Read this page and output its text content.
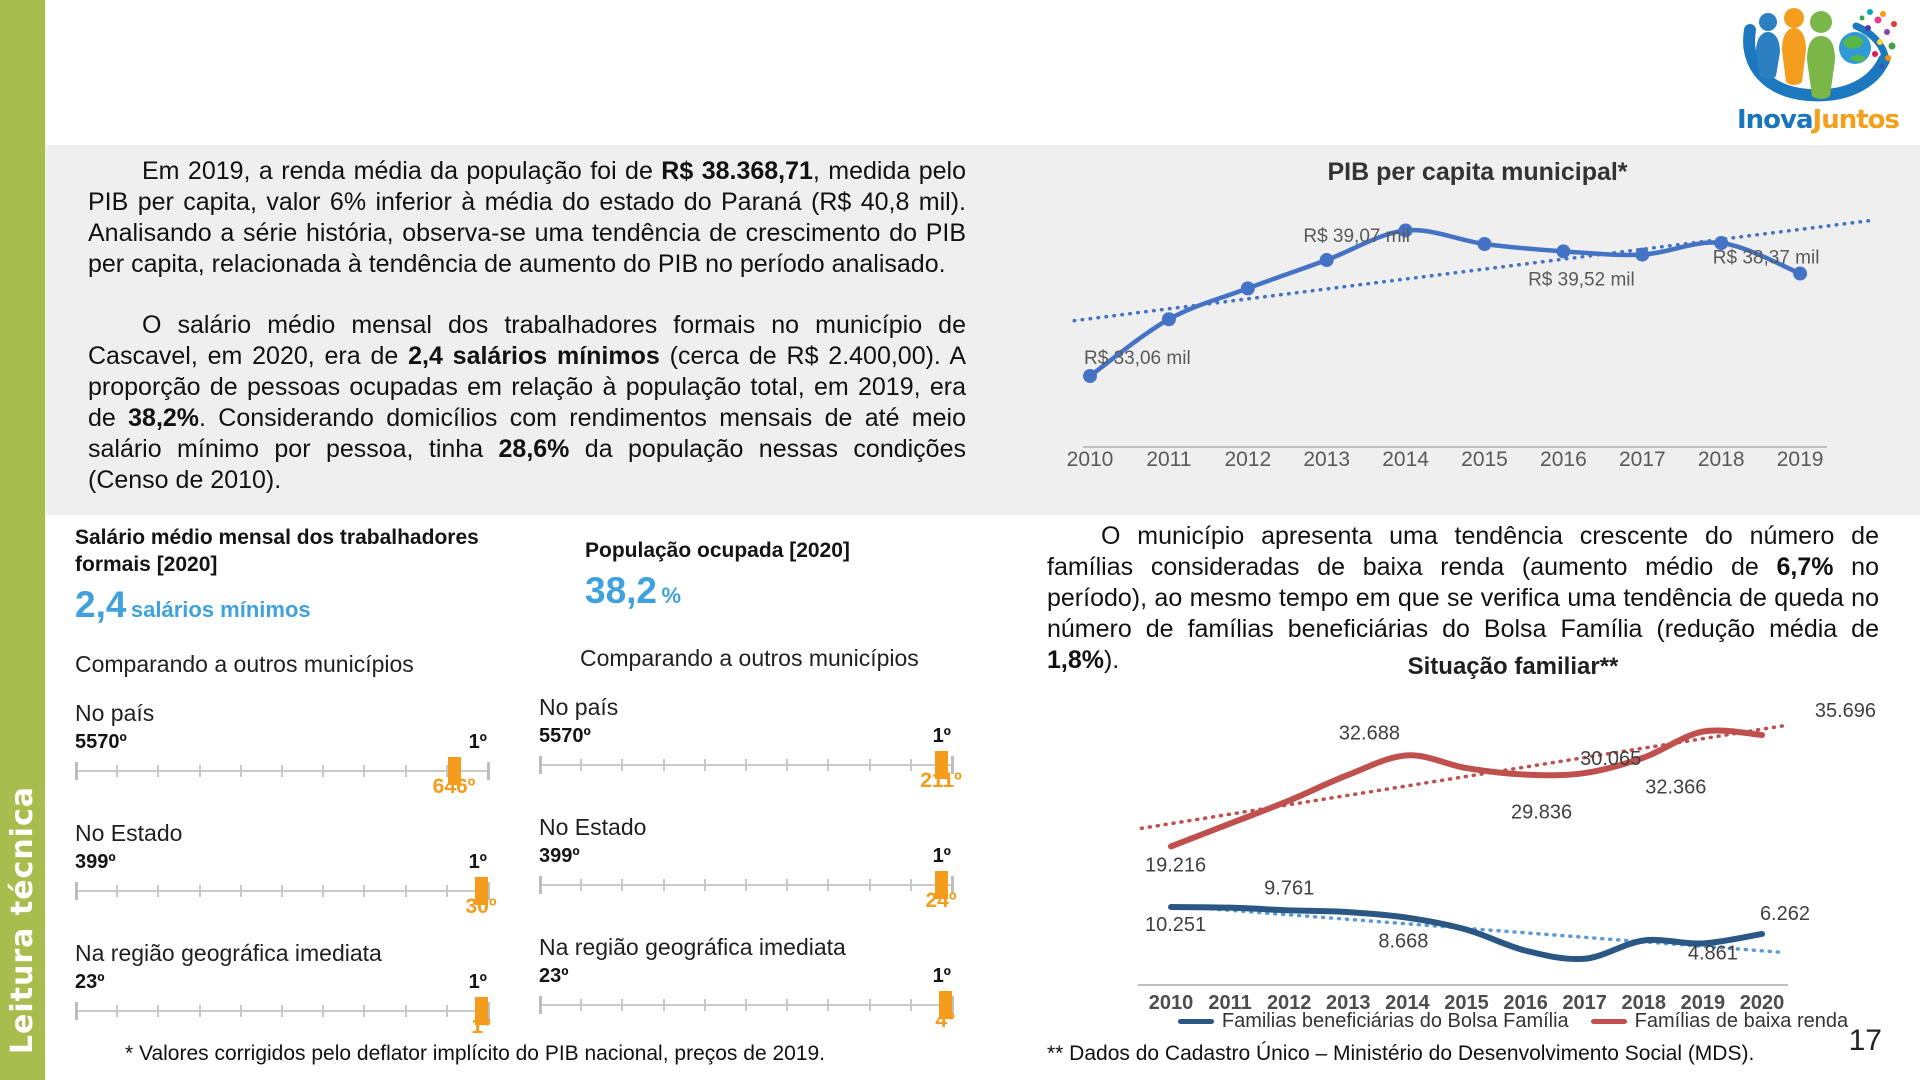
Leitura técnica
InovaJuntos

Em 2019, a renda média da população foi de R$ 38.368,71, medida pelo PIB per capita, valor 6% inferior à média do estado do Paraná (R$ 40,8 mil). Analisando a série história, observa-se uma tendência de crescimento do PIB per capita, relacionada à tendência de aumento do PIB no período analisado.

O salário médio mensal dos trabalhadores formais no município de Cascavel, em 2020, era de 2,4 salários mínimos (cerca de R$ 2.400,00). A proporção de pessoas ocupadas em relação à população total, em 2019, era de 38,2%. Considerando domicílios com rendimentos mensais de até meio salário mínimo por pessoa, tinha 28,6% da população nessas condições (Censo de 2010).

PIB per capita municipal*
2010 2011 2012 2013 2014 2015 2016 2017 2018 2019
R$ 33,06 mil
R$ 39,07 mil
R$ 39,52 mil
R$ 38,37 mil
Salário médio mensal dos trabalhadores formais [2020]
2,4 salários mínimos
Comparando a outros municípios
No país
5570º	1º
646º
No Estado
399º	1º
30º
Na região geográfica imediata
23º	1º
1º
População ocupada [2020]
38,2 %
Comparando a outros municípios
No país
5570º	1º
211º
No Estado
399º	1º
24º
Na região geográfica imediata
23º	1º
4º

O município apresenta uma tendência crescente do número de famílias consideradas de baixa renda (aumento médio de 6,7% no período), ao mesmo tempo em que se verifica uma tendência de queda no número de famílias beneficiárias do Bolsa Família (redução média de 1,8%).	Situação familiar**
2010 2011 2012 2013 2014 2015 2016 2017 2018 2019 2020
19.216
32.688
29.836
30.065
32.366
35.696
10.251
9.761
8.668
4.861
6.262
Familias beneficiárias do Bolsa Família	Famílias de baixa renda
* Valores corrigidos pelo deflator implícito do PIB nacional, preços de 2019.	** Dados do Cadastro Único – Ministério do Desenvolvimento Social (MDS).	17
